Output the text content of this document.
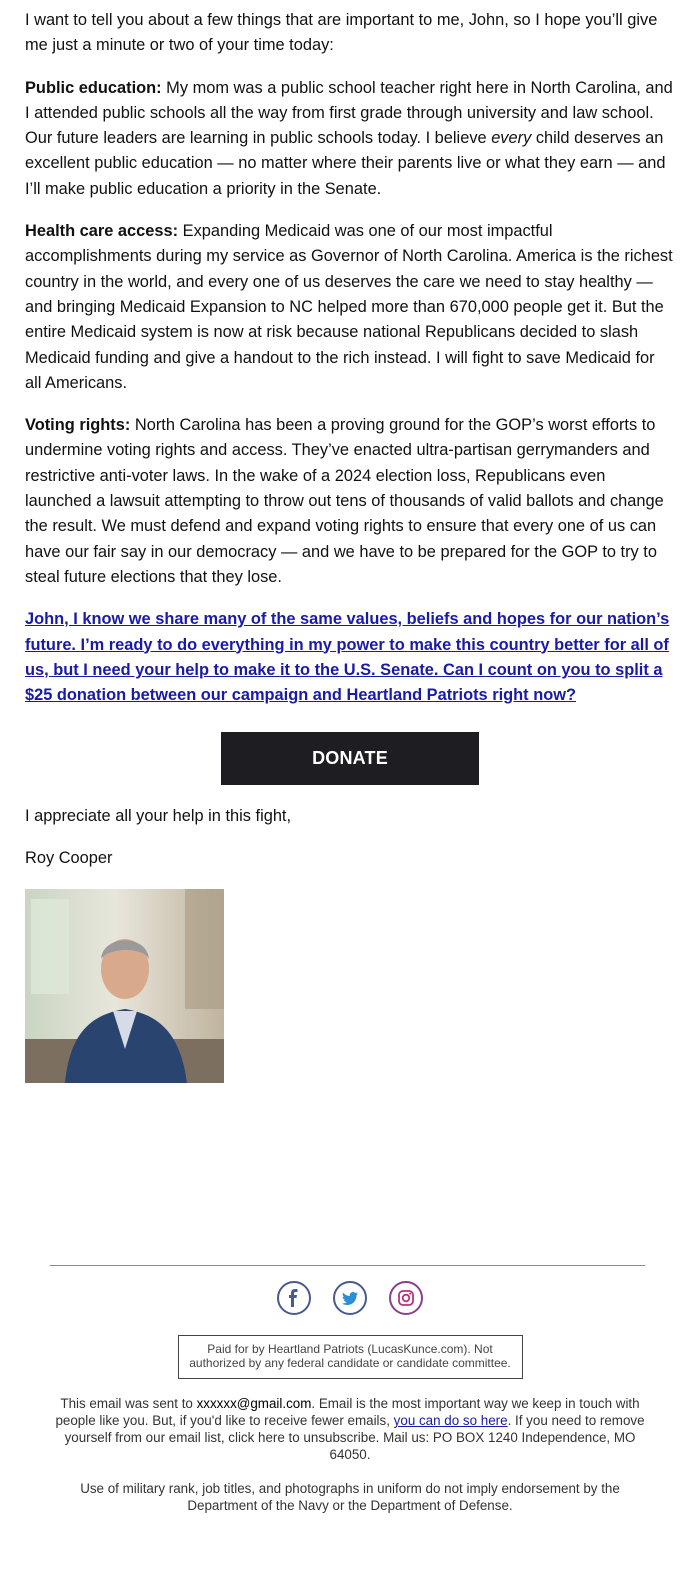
I want to tell you about a few things that are important to me, John, so I hope you’ll give me just a minute or two of your time today:

Public education: My mom was a public school teacher right here in North Carolina, and I attended public schools all the way from first grade through university and law school. Our future leaders are learning in public schools today. I believe every child deserves an excellent public education — no matter where their parents live or what they earn — and I’ll make public education a priority in the Senate.

Health care access: Expanding Medicaid was one of our most impactful accomplishments during my service as Governor of North Carolina. America is the richest country in the world, and every one of us deserves the care we need to stay healthy — and bringing Medicaid Expansion to NC helped more than 670,000 people get it. But the entire Medicaid system is now at risk because national Republicans decided to slash Medicaid funding and give a handout to the rich instead. I will fight to save Medicaid for all Americans.

Voting rights: North Carolina has been a proving ground for the GOP’s worst efforts to undermine voting rights and access. They’ve enacted ultra-partisan gerrymanders and restrictive anti-voter laws. In the wake of a 2024 election loss, Republicans even launched a lawsuit attempting to throw out tens of thousands of valid ballots and change the result. We must defend and expand voting rights to ensure that every one of us can have our fair say in our democracy — and we have to be prepared for the GOP to try to steal future elections that they lose.

John, I know we share many of the same values, beliefs and hopes for our nation’s future. I’m ready to do everything in my power to make this country better for all of us, but I need your help to make it to the U.S. Senate. Can I count on you to split a $25 donation between our campaign and Heartland Patriots right now?
DONATE

I appreciate all your help in this fight,

Roy Cooper

Paid for by Heartland Patriots (LucasKunce.com). Not authorized by any federal candidate or candidate committee.
This email was sent to xxxxxx@gmail.com. Email is the most important way we keep in touch with people like you. But, if you'd like to receive fewer emails, you can do so here. If you need to remove yourself from our email list, click here to unsubscribe. Mail us: PO BOX 1240 Independence, MO 64050.
Use of military rank, job titles, and photographs in uniform do not imply endorsement by the Department of the Navy or the Department of Defense.
